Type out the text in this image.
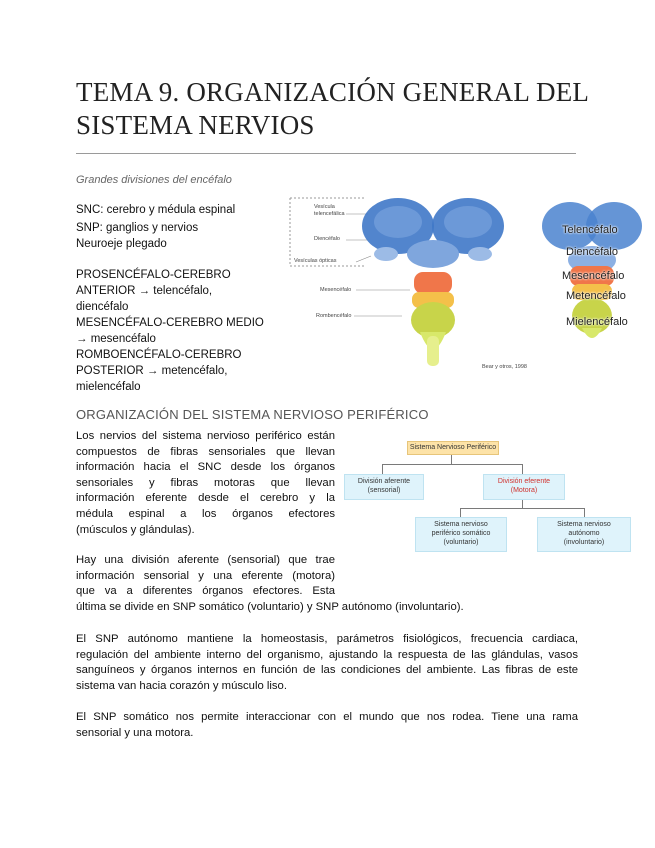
TEMA 9. ORGANIZACIÓN GENERAL DEL
SISTEMA NERVIOS
Grandes divisiones del encéfalo
SNC: cerebro y médula espinal
SNP: ganglios y nervios
Neuroeje plegado
PROSENCÉFALO-CEREBRO
ANTERIOR → telencéfalo,
diencéfalo
MESENCÉFALO-CEREBRO MEDIO
→ mesencéfalo
ROMBOENCÉFALO-CEREBRO
POSTERIOR → metencéfalo,
mielencéfalo
Vesícula
telencefálica
Diencéfalo
Vesículas ópticas
Mesencéfalo
Rombencéfalo
Bear y otros, 1998
Telencéfalo
Diencéfalo
Mesencéfalo
Metencéfalo
Mielencéfalo
ORGANIZACIÓN DEL SISTEMA NERVIOSO PERIFÉRICO
Los nervios del sistema nervioso periférico están
compuestos de fibras sensoriales que llevan
información hacia el SNC desde los órganos
sensoriales y fibras motoras que llevan
información eferente desde el cerebro y la
médula espinal a los órganos efectores
(músculos y glándulas).
Hay una división aferente (sensorial) que trae
información sensorial y una eferente (motora)
que va a diferentes órganos efectores. Esta
última se divide en SNP somático (voluntario) y SNP autónomo (involuntario).
El SNP autónomo mantiene la homeostasis, parámetros fisiológicos, frecuencia cardiaca,
regulación del ambiente interno del organismo, ajustando la respuesta de las glándulas, vasos
sanguíneos y órganos internos en función de las condiciones del ambiente. Las fibras de este
sistema van hacia corazón y músculo liso.
El SNP somático nos permite interaccionar con el mundo que nos rodea. Tiene una rama
sensorial y una motora.
Sistema Nervioso Periférico
División aferente
(sensorial)
División eferente
(Motora)
Sistema nervioso
periférico somático
(voluntario)
Sistema nervioso
autónomo
(involuntario)
